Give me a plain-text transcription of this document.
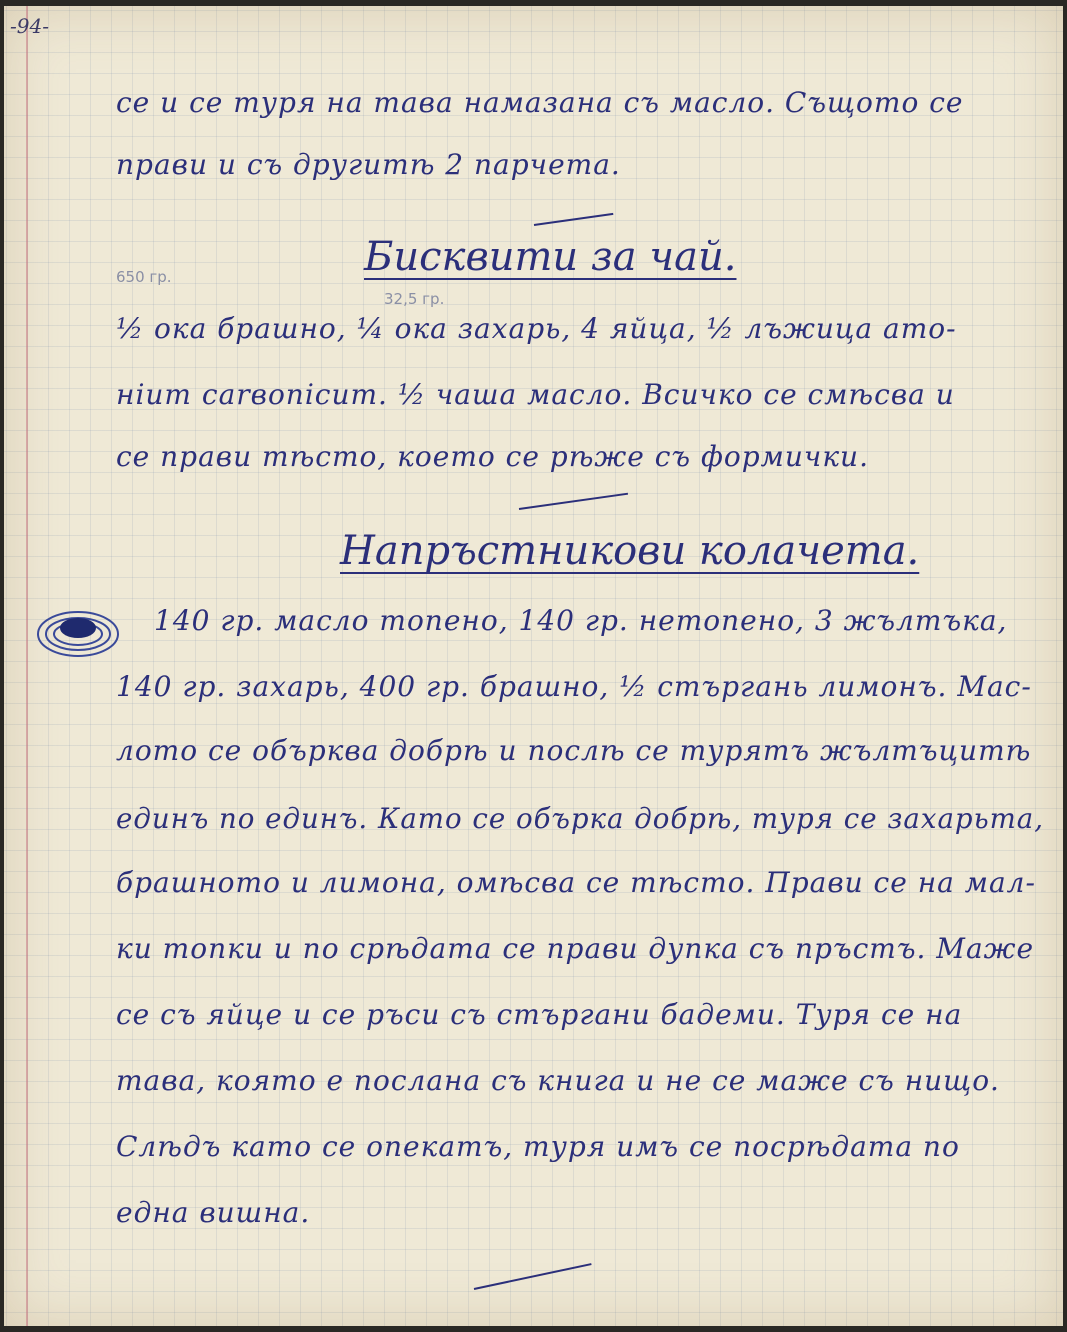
-94-
се и се туря на тава намазана съ масло. Същото се
прави и съ другитѣ 2 парчета.
Бисквити за чай.
650 гр.
32,5 гр.
½ ока брашно, ¼ ока захарь, 4 яйца, ½ лъжица ато-
ніит саrвопісит. ½ чаша масло. Всичко се смѣсва и
се прави тѣсто, което се рѣже съ формички.
Напръстникови колачета.
140 гр. масло топено, 140 гр. нетопено, 3 жълтъка,
140 гр. захарь, 400 гр. брашно, ½ стъргань лимонъ. Мас-
лото се обърква добрѣ и послѣ се турятъ жълтъцитѣ
единъ по единъ. Като се обърка добрѣ, туря се захарьта,
брашното и лимона, омѣсва се тѣсто. Прави се на мал-
ки топки и по срѣдата се прави дупка съ пръстъ. Маже
се съ яйце и се ръси съ стъргани бадеми. Туря се на
тава, която е послана съ книга и не се маже съ нищо.
Слѣдъ като се опекатъ, туря имъ се посрѣдата по
една вишна.
